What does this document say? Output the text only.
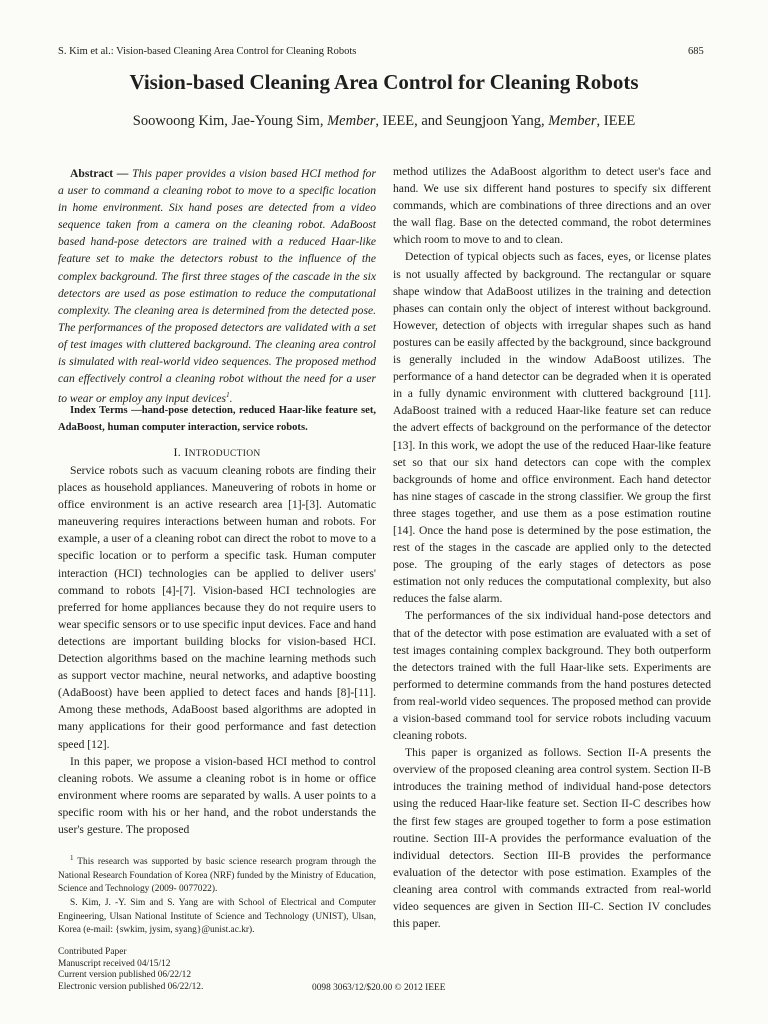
S. Kim et al.: Vision-based Cleaning Area Control for Cleaning Robots	685
Vision-based Cleaning Area Control for Cleaning Robots
Soowoong Kim, Jae-Young Sim, Member, IEEE, and Seungjoon Yang, Member, IEEE

Abstract — This paper provides a vision based HCI method for a user to command a cleaning robot to move to a specific location in home environment. Six hand poses are detected from a video sequence taken from a camera on the cleaning robot. AdaBoost based hand-pose detectors are trained with a reduced Haar-like feature set to make the detectors robust to the influence of the complex background. The first three stages of the cascade in the six detectors are used as pose estimation to reduce the computational complexity. The cleaning area is determined from the detected pose. The performances of the proposed detectors are validated with a set of test images with cluttered background. The cleaning area control is simulated with real-world video sequences. The proposed method can effectively control a cleaning robot without the need for a user to wear or employ any input devices$^1$.

Index Terms —hand-pose detection, reduced Haar-like feature set, AdaBoost, human computer interaction, service robots.

I. INTRODUCTION

Service robots such as vacuum cleaning robots are finding their places as household appliances. Maneuvering of robots in home or office environment is an active research area [1]-[3]. Automatic maneuvering requires interactions between human and robots. For example, a user of a cleaning robot can direct the robot to move to a specific location or to perform a specific task. Human computer interaction (HCI) technologies can be applied to deliver users' command to robots [4]-[7]. Vision-based HCI technologies are preferred for home appliances because they do not require users to wear specific sensors or to use specific input devices. Face and hand detections are important building blocks for vision-based HCI. Detection algorithms based on the machine learning methods such as support vector machine, neural networks, and adaptive boosting (AdaBoost) have been applied to detect faces and hands [8]-[11]. Among these methods, AdaBoost based algorithms are adopted in many applications for their good performance and fast detection speed [12].

In this paper, we propose a vision-based HCI method to control cleaning robots. We assume a cleaning robot is in home or office environment where rooms are separated by walls. A user points to a specific room with his or her hand, and the robot understands the user's gesture. The proposed

method utilizes the AdaBoost algorithm to detect user's face and hand. We use six different hand postures to specify six different commands, which are combinations of three directions and an over the wall flag. Base on the detected command, the robot determines which room to move to and to clean.

Detection of typical objects such as faces, eyes, or license plates is not usually affected by background. The rectangular or square shape window that AdaBoost utilizes in the training and detection phases can contain only the object of interest without background. However, detection of objects with irregular shapes such as hand postures can be easily affected by the background, since background is generally included in the window AdaBoost utilizes. The performance of a hand detector can be degraded when it is operated in a fully dynamic environment with cluttered background [11]. AdaBoost trained with a reduced Haar-like feature set can reduce the advert effects of background on the performance of the detector [13]. In this work, we adopt the use of the reduced Haar-like feature set so that our six hand detectors can cope with the complex backgrounds of home and office environment. Each hand detector has nine stages of cascade in the strong classifier. We group the first three stages together, and use them as a pose estimation routine [14]. Once the hand pose is determined by the pose estimation, the rest of the stages in the cascade are applied only to the detected pose. The grouping of the early stages of detectors as pose estimation not only reduces the computational complexity, but also reduces the false alarm.

The performances of the six individual hand-pose detectors and that of the detector with pose estimation are evaluated with a set of test images containing complex background. They both outperform the detectors trained with the full Haar-like sets. Experiments are performed to determine commands from the hand postures detected from real-world video sequences. The proposed method can provide a vision-based command tool for service robots including vacuum cleaning robots.

This paper is organized as follows. Section II-A presents the overview of the proposed cleaning area control system. Section II-B introduces the training method of individual hand-pose detectors using the reduced Haar-like feature set. Section II-C describes how the first few stages are grouped together to form a pose estimation routine. Section III-A provides the performance evaluation of the individual detectors. Section III-B provides the performance evaluation of the detector with pose estimation. Examples of the cleaning area control with commands extracted from real-world video sequences are given in Section III-C. Section IV concludes this paper.

$^1$ This research was supported by basic science research program through the National Research Foundation of Korea (NRF) funded by the Ministry of Education, Science and Technology (2009- 0077022).

S. Kim, J. -Y. Sim and S. Yang are with School of Electrical and Computer Engineering, Ulsan National Institute of Science and Technology (UNIST), Ulsan, Korea (e-mail: {swkim, jysim, syang}@unist.ac.kr).

Contributed Paper
Manuscript received 04/15/12
Current version published 06/22/12
Electronic version published 06/22/12.	0098 3063/12/$20.00 © 2012 IEEE
